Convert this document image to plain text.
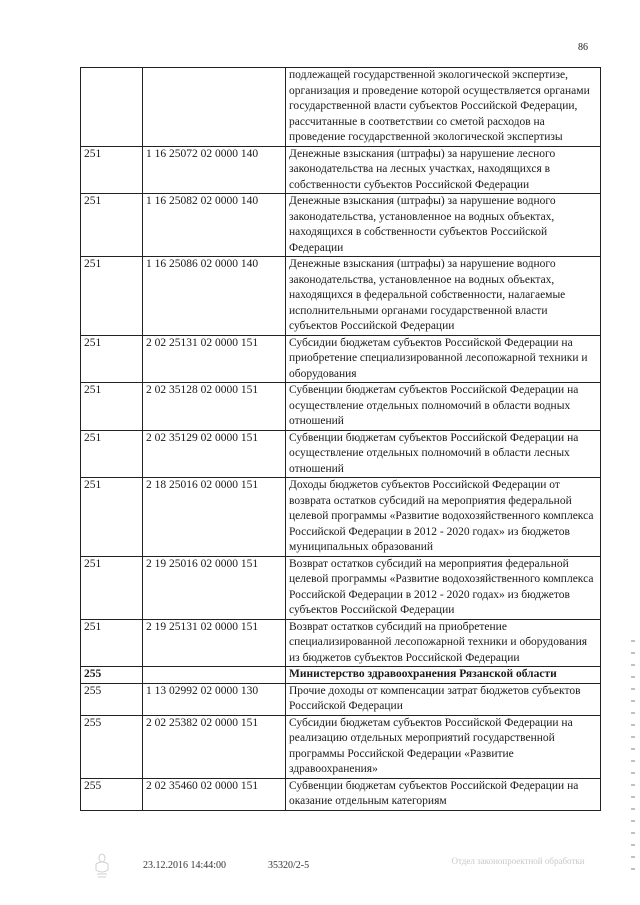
86
		подлежащей государственной экологической экспертизе, организация и проведение которой осуществляется органами государственной власти субъектов Российской Федерации, рассчитанные в соответствии со сметой расходов на проведение государственной экологической экспертизы
251	1 16 25072 02 0000 140	Денежные взыскания (штрафы) за нарушение лесного законодательства на лесных участках, находящихся в собственности субъектов Российской Федерации
251	1 16 25082 02 0000 140	Денежные взыскания (штрафы) за нарушение водного законодательства, установленное на водных объектах, находящихся в собственности субъектов Российской Федерации
251	1 16 25086 02 0000 140	Денежные взыскания (штрафы) за нарушение водного законодательства, установленное на водных объектах, находящихся в федеральной собственности, налагаемые исполнительными органами государственной власти субъектов Российской Федерации
251	2 02 25131 02 0000 151	Субсидии бюджетам субъектов Российской Федерации на приобретение специализированной лесопожарной техники и оборудования
251	2 02 35128 02 0000 151	Субвенции бюджетам субъектов Российской Федерации на осуществление отдельных полномочий в области водных отношений
251	2 02 35129 02 0000 151	Субвенции бюджетам субъектов Российской Федерации на осуществление отдельных полномочий в области лесных отношений
251	2 18 25016 02 0000 151	Доходы бюджетов субъектов Российской Федерации от возврата остатков субсидий на мероприятия федеральной целевой программы «Развитие водохозяйственного комплекса Российской Федерации в 2012 - 2020 годах» из бюджетов муниципальных образований
251	2 19 25016 02 0000 151	Возврат остатков субсидий на мероприятия федеральной целевой программы «Развитие водохозяйственного комплекса Российской Федерации в 2012 - 2020 годах» из бюджетов субъектов Российской Федерации
251	2 19 25131 02 0000 151	Возврат остатков субсидий на приобретение специализированной лесопожарной техники и оборудования из бюджетов субъектов Российской Федерации
255		Министерство здравоохранения Рязанской области
255	1 13 02992 02 0000 130	Прочие доходы от компенсации затрат бюджетов субъектов Российской Федерации
255	2 02 25382 02 0000 151	Субсидии бюджетам субъектов Российской Федерации на реализацию отдельных мероприятий государственной программы Российской Федерации «Развитие здравоохранения»
255	2 02 35460 02 0000 151	Субвенции бюджетам субъектов Российской Федерации на оказание отдельным категориям
23.12.2016 14:44:00	35320/2-5	Отдел законопроектной обработки
